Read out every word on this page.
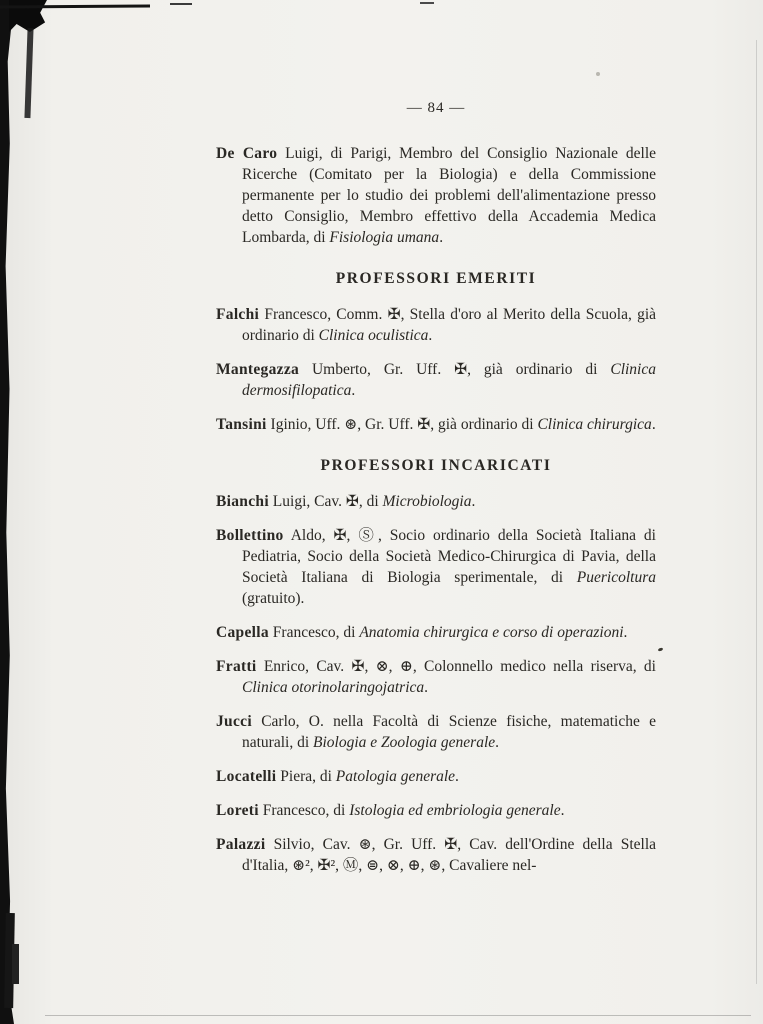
— 84 —

De Caro Luigi, di Parigi, Membro del Consiglio Nazionale delle Ricerche (Comitato per la Biologia) e della Commissione permanente per lo studio dei problemi dell'alimentazione presso detto Consiglio, Membro effettivo della Accademia Medica Lombarda, di Fisiologia umana.

PROFESSORI EMERITI

Falchi Francesco, Comm. ✠, Stella d'oro al Merito della Scuola, già ordinario di Clinica oculistica.

Mantegazza Umberto, Gr. Uff. ✠, già ordinario di Clinica dermosifilopatica.

Tansini Iginio, Uff. ⊛, Gr. Uff. ✠, già ordinario di Clinica chirurgica.

PROFESSORI INCARICATI

Bianchi Luigi, Cav. ✠, di Microbiologia.

Bollettino Aldo, ✠, Ⓢ, Socio ordinario della Società Italiana di Pediatria, Socio della Società Medico-Chirurgica di Pavia, della Società Italiana di Biologia sperimentale, di Puericoltura (gratuito).

Capella Francesco, di Anatomia chirurgica e corso di operazioni.

Fratti Enrico, Cav. ✠, ⊗, ⊕, Colonnello medico nella riserva, di Clinica otorinolaringojatrica.

Jucci Carlo, O. nella Facoltà di Scienze fisiche, matematiche e naturali, di Biologia e Zoologia generale.

Locatelli Piera, di Patologia generale.

Loreti Francesco, di Istologia ed embriologia generale.

Palazzi Silvio, Cav. ⊛, Gr. Uff. ✠, Cav. dell'Ordine della Stella d'Italia, ⊛², ✠², Ⓜ, ⊜, ⊗, ⊕, ⊛, Cavaliere nel-
